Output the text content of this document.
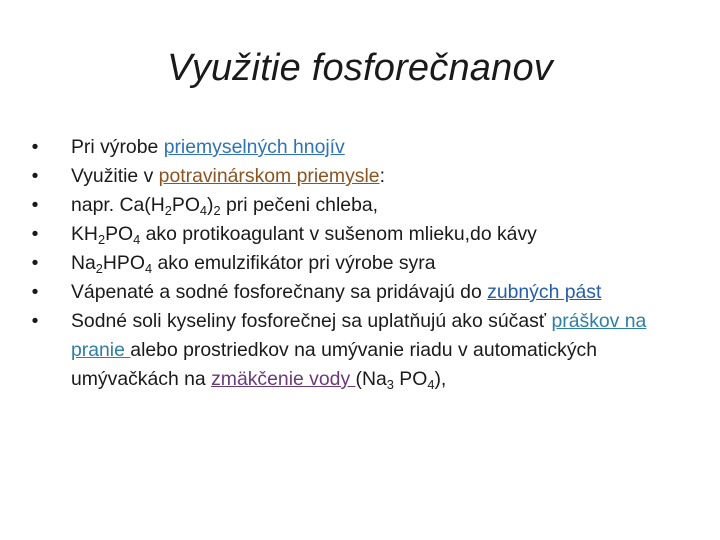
Využitie fosforečnanov
• Pri výrobe priemyselných hnojív
• Využitie v potravinárskom priemysle:
• napr. $Ca(H_2PO_4)_2$ pri pečeni chleba,
• $KH_2PO_4$ ako protikoagulant v sušenom mlieku,do kávy
• $Na_2HPO_4$ ako emulzifikátor pri výrobe syra
• Vápenaté a sodné fosforečnany sa pridávajú do zubných pást
• Sodné soli kyseliny fosforečnej sa uplatňujú ako súčasť práškov na pranie alebo prostriedkov na umývanie riadu v automatických umývačkách na zmäkčenie vody ($Na_3$ $PO_4$),
